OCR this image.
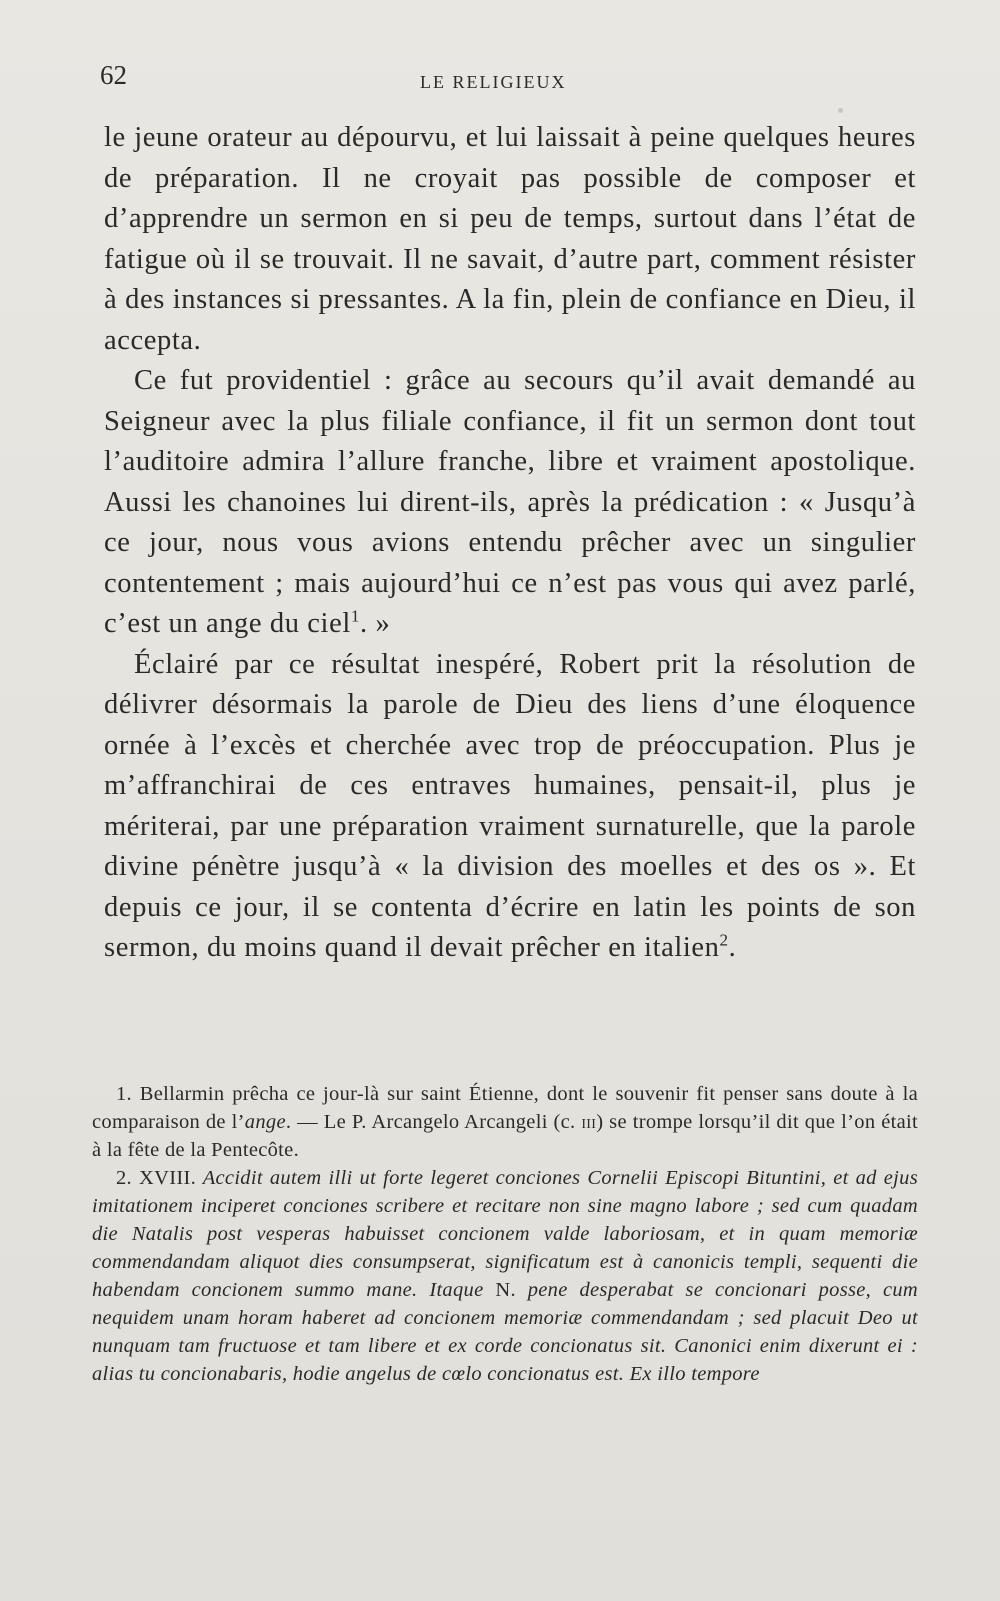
62	LE RELIGIEUX

le jeune orateur au dépourvu, et lui laissait à peine quelques heures de préparation. Il ne croyait pas possible de composer et d’apprendre un sermon en si peu de temps, surtout dans l’état de fatigue où il se trouvait. Il ne savait, d’autre part, comment résister à des instances si pressantes. A la fin, plein de confiance en Dieu, il accepta.

Ce fut providentiel : grâce au secours qu’il avait demandé au Seigneur avec la plus filiale confiance, il fit un sermon dont tout l’auditoire admira l’allure franche, libre et vraiment apostolique. Aussi les chanoines lui dirent-ils, après la prédication : « Jusqu’à ce jour, nous vous avions entendu prêcher avec un singulier contentement ; mais aujourd’hui ce n’est pas vous qui avez parlé, c’est un ange du ciel$^1$. »

Éclairé par ce résultat inespéré, Robert prit la résolution de délivrer désormais la parole de Dieu des liens d’une éloquence ornée à l’excès et cherchée avec trop de préoccupation. Plus je m’affranchirai de ces entraves humaines, pensait-il, plus je mériterai, par une préparation vraiment surnaturelle, que la parole divine pénètre jusqu’à « la division des moelles et des os ». Et depuis ce jour, il se contenta d’écrire en latin les points de son sermon, du moins quand il devait prêcher en italien$^2$.

1. Bellarmin prêcha ce jour-là sur saint Étienne, dont le souvenir fit penser sans doute à la comparaison de l’ange. — Le P. Arcangelo Arcangeli (c. iii) se trompe lorsqu’il dit que l’on était à la fête de la Pentecôte.

2. XVIII. Accidit autem illi ut forte legeret conciones Cornelii Episcopi Bituntini, et ad ejus imitationem inciperet conciones scribere et recitare non sine magno labore ; sed cum quadam die Natalis post vesperas habuisset concionem valde laboriosam, et in quam memoriæ commendandam aliquot dies consumpserat, significatum est à canonicis templi, sequenti die habendam concionem summo mane. Itaque N. pene desperabat se concionari posse, cum nequidem unam horam haberet ad concionem memoriæ commendandam ; sed placuit Deo ut nunquam tam fructuose et tam libere et ex corde concionatus sit. Canonici enim dixerunt ei : alias tu concionabaris, hodie angelus de cœlo concionatus est. Ex illo tempore
